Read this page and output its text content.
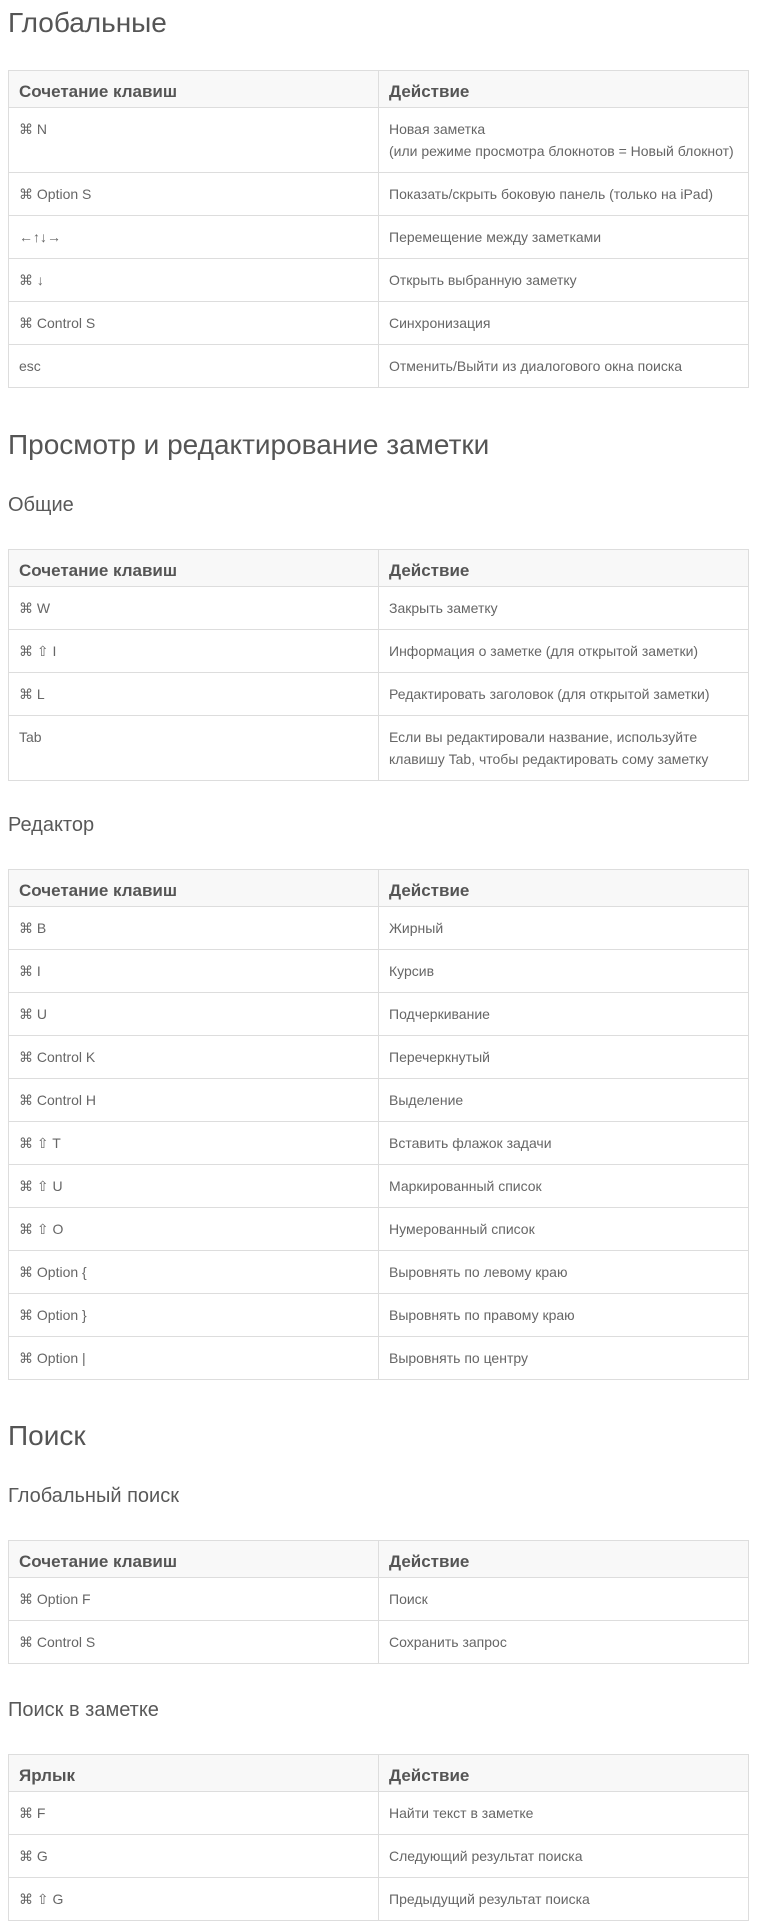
Глобальные
Сочетание клавиш	Действие
⌘ N	Новая заметка
(или режиме просмотра блокнотов = Новый блокнот)
⌘ Option S	Показать/скрыть боковую панель (только на iPad)
←↑↓→	Перемещение между заметками
⌘ ↓	Открыть выбранную заметку
⌘ Control S	Синхронизация
esc	Отменить/Выйти из диалогового окна поиска
Просмотр и редактирование заметки
Общие
Сочетание клавиш	Действие
⌘ W	Закрыть заметку
⌘ ⇧ I	Информация о заметке (для открытой заметки)
⌘ L	Редактировать заголовок (для открытой заметки)
Tab	Если вы редактировали название, используйте
клавишу Tab, чтобы редактировать сому заметку
Редактор
Сочетание клавиш	Действие
⌘ B	Жирный
⌘ I	Курсив
⌘ U	Подчеркивание
⌘ Control K	Перечеркнутый
⌘ Control H	Выделение
⌘ ⇧ T	Вставить флажок задачи
⌘ ⇧ U	Маркированный список
⌘ ⇧ O	Нумерованный список
⌘ Option {	Выровнять по левому краю
⌘ Option }	Выровнять по правому краю
⌘ Option |	Выровнять по центру
Поиск
Глобальный поиск
Сочетание клавиш	Действие
⌘ Option F	Поиск
⌘ Control S	Сохранить запрос
Поиск в заметке
Ярлык	Действие
⌘ F	Найти текст в заметке
⌘ G	Следующий результат поиска
⌘ ⇧ G	Предыдущий результат поиска
